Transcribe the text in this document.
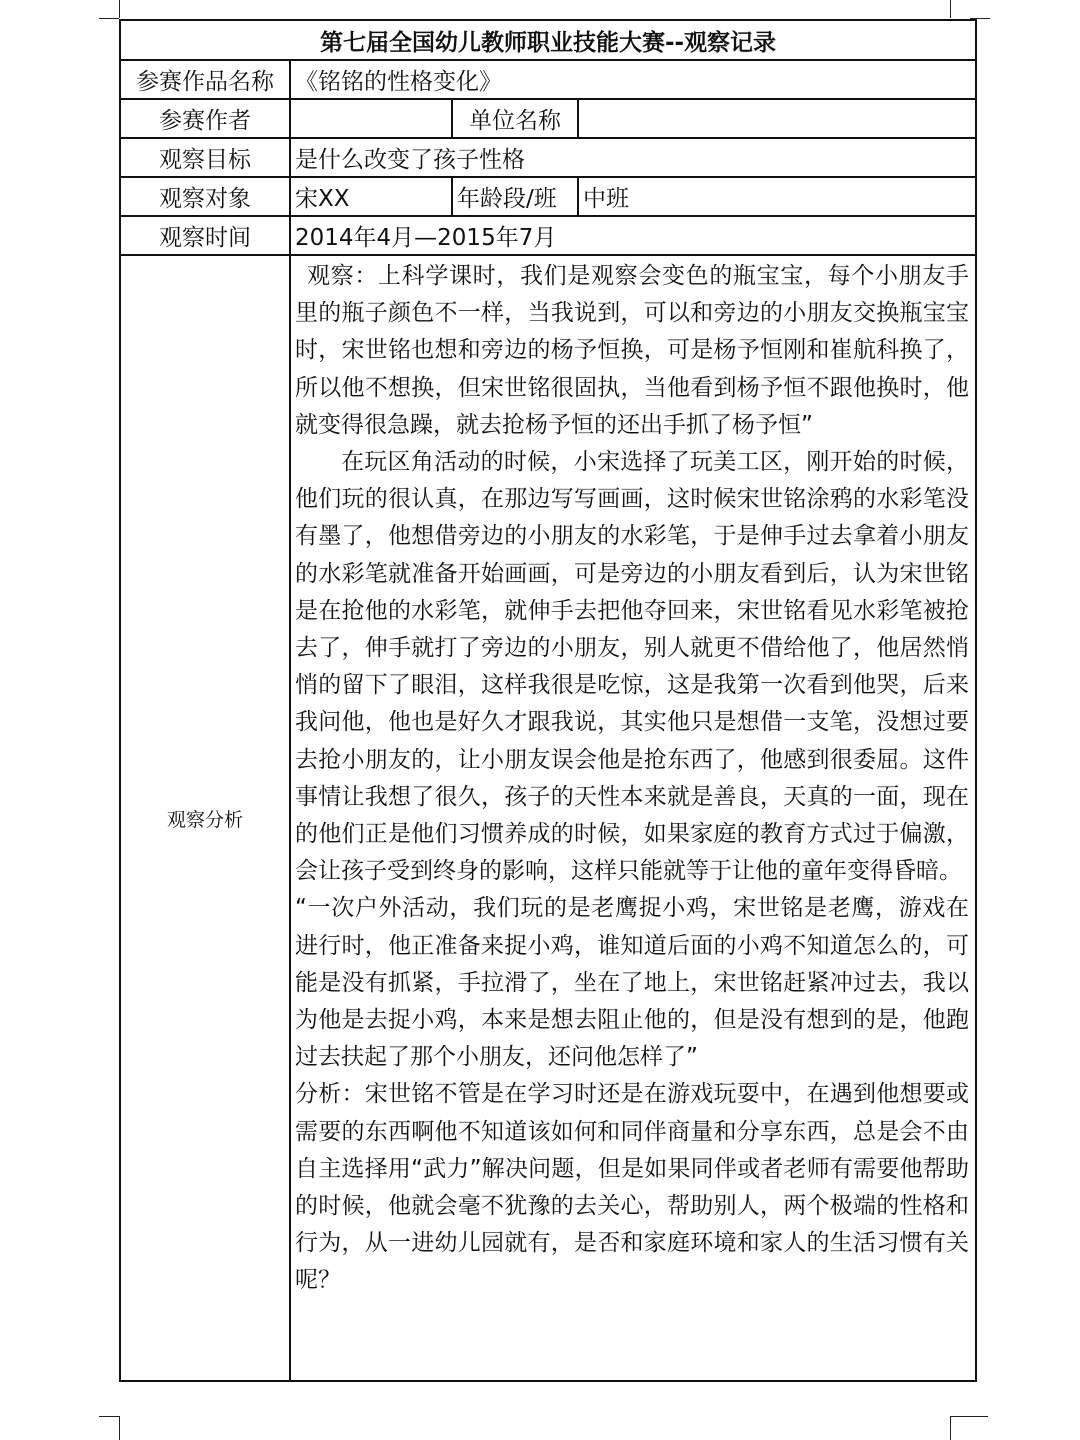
第七届全国幼儿教师职业技能大赛--观察记录			
参赛作品名称	《铭铭的性格变化》		
参赛作者		单位名称	
观察目标	是什么改变了孩子性格		
观察对象	宋XX	年龄段/班	中班
观察时间	2014年4月—2015年7月		
观察分析	观察：上科学课时，我们是观察会变色的瓶宝宝，每个小朋友手里的瓶子颜色不一样，当我说到，可以和旁边的小朋友交换瓶宝宝时，宋世铭也想和旁边的杨予恒换，可是杨予恒刚和崔航科换了，所以他不想换，但宋世铭很固执，当他看到杨予恒不跟他换时，他就变得很急躁，就去抢杨予恒的还出手抓了杨予恒”

在玩区角活动的时候，小宋选择了玩美工区，刚开始的时候，他们玩的很认真，在那边写写画画，这时候宋世铭涂鸦的水彩笔没有墨了，他想借旁边的小朋友的水彩笔，于是伸手过去拿着小朋友的水彩笔就准备开始画画，可是旁边的小朋友看到后，认为宋世铭是在抢他的水彩笔，就伸手去把他夺回来，宋世铭看见水彩笔被抢去了，伸手就打了旁边的小朋友，别人就更不借给他了，他居然悄悄的留下了眼泪，这样我很是吃惊，这是我第一次看到他哭，后来我问他，他也是好久才跟我说，其实他只是想借一支笔，没想过要去抢小朋友的，让小朋友误会他是抢东西了，他感到很委屈。这件事情让我想了很久，孩子的天性本来就是善良，天真的一面，现在的他们正是他们习惯养成的时候，如果家庭的教育方式过于偏激，会让孩子受到终身的影响，这样只能就等于让他的童年变得昏暗。

“一次户外活动，我们玩的是老鹰捉小鸡，宋世铭是老鹰，游戏在进行时，他正准备来捉小鸡，谁知道后面的小鸡不知道怎么的，可能是没有抓紧，手拉滑了，坐在了地上，宋世铭赶紧冲过去，我以为他是去捉小鸡，本来是想去阻止他的，但是没有想到的是，他跑过去扶起了那个小朋友，还问他怎样了”

分析：宋世铭不管是在学习时还是在游戏玩耍中，在遇到他想要或需要的东西啊他不知道该如何和同伴商量和分享东西，总是会不由自主选择用“武力”解决问题，但是如果同伴或者老师有需要他帮助的时候，他就会毫不犹豫的去关心，帮助别人，两个极端的性格和行为，从一进幼儿园就有，是否和家庭环境和家人的生活习惯有关呢？		
